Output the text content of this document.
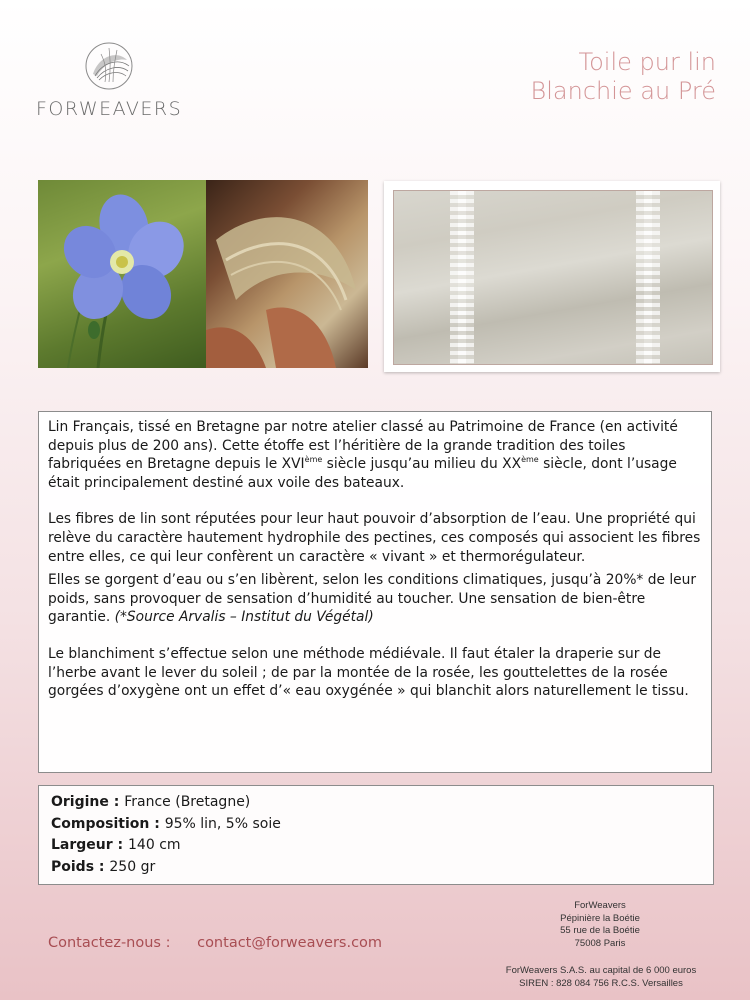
FORWEAVERS
Toile pur lin
Blanchie au Pré

Lin Français, tissé en Bretagne par notre atelier classé au Patrimoine de France (en activité depuis plus de 200 ans). Cette étoffe est l’héritière de la grande tradition des toiles fabriquées en Bretagne depuis le XVIème siècle jusqu’au milieu du XXème siècle, dont l’usage était principalement destiné aux voile des bateaux.

Les fibres de lin sont réputées pour leur haut pouvoir d’absorption de l’eau. Une propriété qui relève du caractère hautement hydrophile des pectines, ces composés qui associent les fibres entre elles, ce qui leur confèrent un caractère « vivant » et thermorégulateur.

Elles se gorgent d’eau ou s’en libèrent, selon les conditions climatiques, jusqu’à 20%* de leur poids, sans provoquer de sensation d’humidité au toucher. Une sensation de bien-être garantie. (*Source Arvalis – Institut du Végétal)

Le blanchiment s’effectue selon une méthode médiévale. Il faut étaler la draperie sur de l’herbe avant le lever du soleil ; de par la montée de la rosée, les gouttelettes de la rosée gorgées d’oxygène ont un effet d’« eau oxygénée » qui blanchit alors naturellement le tissu.

Origine : France (Bretagne)
Composition : 95% lin, 5% soie
Largeur : 140 cm
Poids : 250 gr
Contactez-nous : contact@forweavers.com
ForWeavers
Pépinière la Boétie
55 rue de la Boétie
75008 Paris
ForWeavers S.A.S. au capital de 6 000 euros
SIREN : 828 084 756 R.C.S. Versailles
